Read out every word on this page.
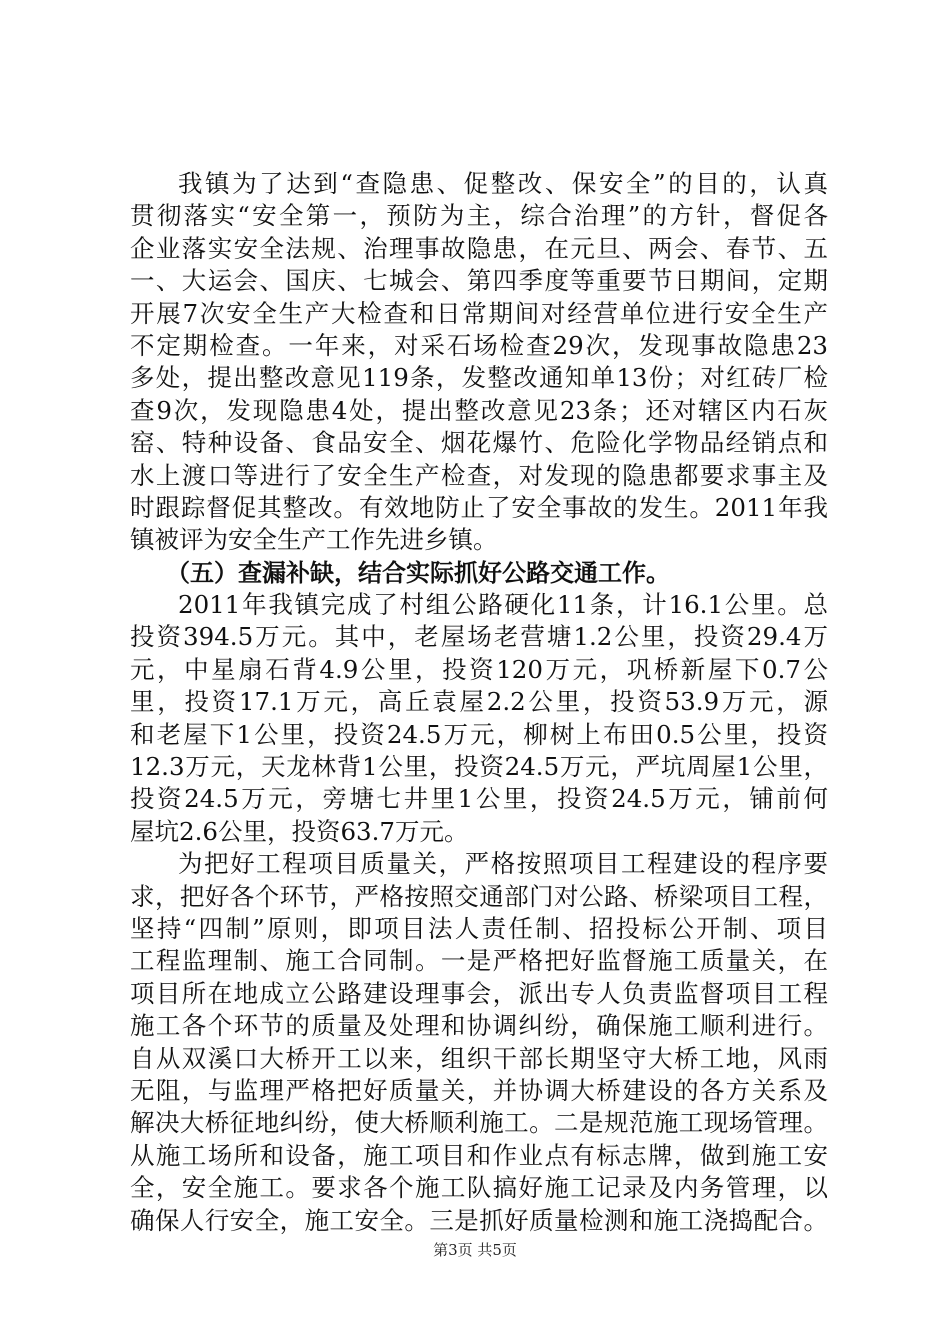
我镇为了达到“查隐患、促整改、保安全”的目的，认真
贯彻落实“安全第一，预防为主，综合治理”的方针，督促各
企业落实安全法规、治理事故隐患，在元旦、两会、春节、五
一、大运会、国庆、七城会、第四季度等重要节日期间，定期
开展7次安全生产大检查和日常期间对经营单位进行安全生产
不定期检查。一年来，对采石场检查29次，发现事故隐患23
多处，提出整改意见119条，发整改通知单13份；对红砖厂检
查9次，发现隐患4处，提出整改意见23条；还对辖区内石灰
窑、特种设备、食品安全、烟花爆竹、危险化学物品经销点和
水上渡口等进行了安全生产检查，对发现的隐患都要求事主及
时跟踪督促其整改。有效地防止了安全事故的发生。2011年我
镇被评为安全生产工作先进乡镇。
（五）查漏补缺，结合实际抓好公路交通工作。
2011年我镇完成了村组公路硬化11条，计16.1公里。总
投资394.5万元。其中，老屋场老营塘1.2公里，投资29.4万
元，中星扇石背4.9公里，投资120万元，巩桥新屋下0.7公
里，投资17.1万元，高丘袁屋2.2公里，投资53.9万元，源
和老屋下1公里，投资24.5万元，柳树上布田0.5公里，投资
12.3万元，天龙林背1公里，投资24.5万元，严坑周屋1公里，
投资24.5万元，旁塘七井里1公里，投资24.5万元，铺前何
屋坑2.6公里，投资63.7万元。
为把好工程项目质量关，严格按照项目工程建设的程序要
求，把好各个环节，严格按照交通部门对公路、桥梁项目工程，
坚持“四制”原则，即项目法人责任制、招投标公开制、项目
工程监理制、施工合同制。一是严格把好监督施工质量关，在
项目所在地成立公路建设理事会，派出专人负责监督项目工程
施工各个环节的质量及处理和协调纠纷，确保施工顺利进行。
自从双溪口大桥开工以来，组织干部长期坚守大桥工地，风雨
无阻，与监理严格把好质量关，并协调大桥建设的各方关系及
解决大桥征地纠纷，使大桥顺利施工。二是规范施工现场管理。
从施工场所和设备，施工项目和作业点有标志牌，做到施工安
全，安全施工。要求各个施工队搞好施工记录及内务管理，以
确保人行安全，施工安全。三是抓好质量检测和施工浇捣配合。
第3页 共5页
